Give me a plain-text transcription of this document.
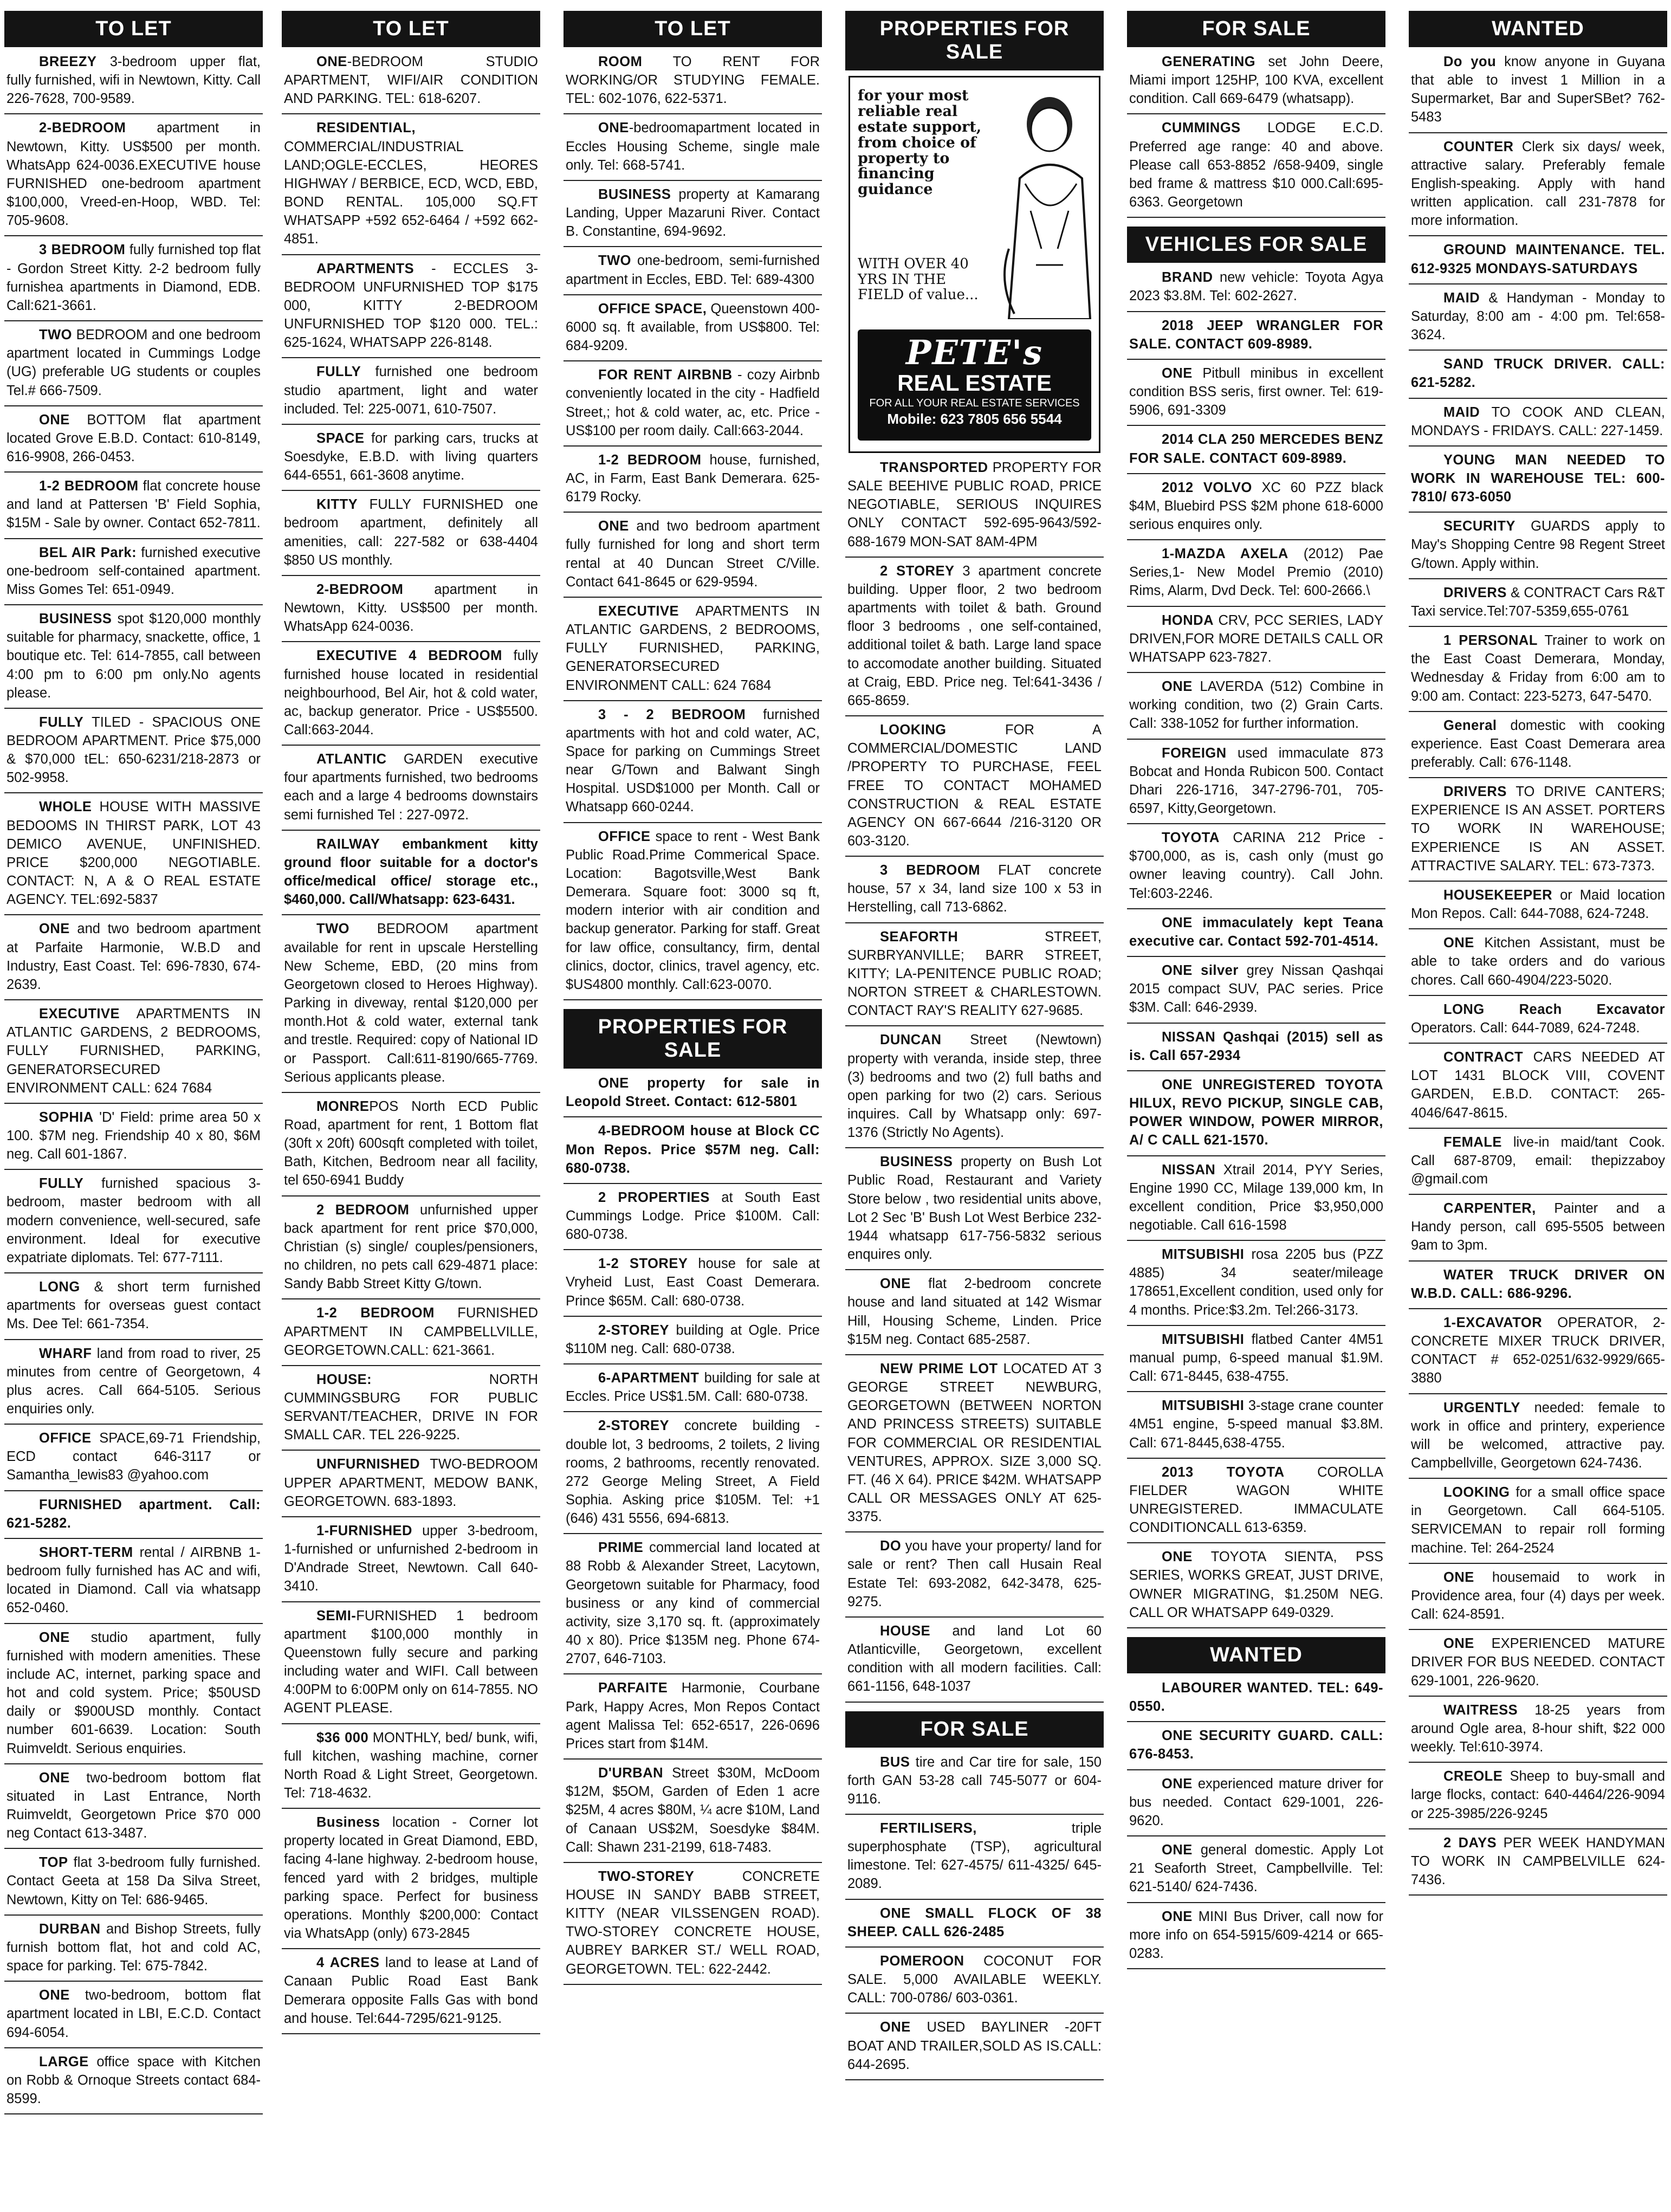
TO LET
BREEZY 3-bedroom upper flat, fully furnished, wifi in Newtown, Kitty. Call 226-7628, 700-9589.
2-BEDROOM apartment in Newtown, Kitty. US$500 per month. WhatsApp 624-0036.EXECUTIVE house FURNISHED one-bedroom apartment $100,000, Vreed-en-Hoop, WBD. Tel: 705-9608.
3 BEDROOM fully furnished top flat - Gordon Street Kitty. 2-2 bedroom fully furnishea apartments in Diamond, EDB. Call:621-3661.
TWO BEDROOM and one bedroom apartment located in Cummings Lodge (UG) preferable UG students or couples Tel.# 666-7509.
ONE BOTTOM flat apartment located Grove E.B.D. Contact: 610-8149, 616-9908, 266-0453.
1-2 BEDROOM flat concrete house and land at Pattersen 'B' Field Sophia, $15M - Sale by owner. Contact 652-7811.
BEL AIR Park: furnished executive one-bedroom self-contained apartment. Miss Gomes Tel: 651-0949.
BUSINESS spot $120,000 monthly suitable for pharmacy, snackette, office, 1 boutique etc. Tel: 614-7855, call between 4:00 pm to 6:00 pm only.No agents please.
FULLY TILED - SPACIOUS ONE BEDROOM APARTMENT. Price $75,000 & $70,000 tEL: 650-6231/218-2873 or 502-9958.
WHOLE HOUSE WITH MASSIVE BEDOOMS IN THIRST PARK, LOT 43 DEMICO AVENUE, UNFINISHED. PRICE $200,000 NEGOTIABLE. CONTACT: N, A & O REAL ESTATE AGENCY. TEL:692-5837
ONE and two bedroom apartment at Parfaite Harmonie, W.B.D and Industry, East Coast. Tel: 696-7830, 674-2639.
EXECUTIVE APARTMENTS IN ATLANTIC GARDENS, 2 BEDROOMS, FULLY FURNISHED, PARKING, GENERATORSECURED ENVIRONMENT CALL: 624 7684
SOPHIA 'D' Field: prime area 50 x 100. $7M neg. Friendship 40 x 80, $6M neg. Call 601-1867.
FULLY furnished spacious 3-bedroom, master bedroom with all modern convenience, well-secured, safe environment. Ideal for executive expatriate diplomats. Tel: 677-7111.
LONG & short term furnished apartments for overseas guest contact Ms. Dee Tel: 661-7354.
WHARF land from road to river, 25 minutes from centre of Georgetown, 4 plus acres. Call 664-5105. Serious enquiries only.
OFFICE SPACE,69-71 Friendship, ECD contact 646-3117 or Samantha_lewis83 @yahoo.com
FURNISHED apartment. Call: 621-5282.
SHORT-TERM rental / AIRBNB 1-bedroom fully furnished has AC and wifi, located in Diamond. Call via whatsapp 652-0460.
ONE studio apartment, fully furnished with modern amenities. These include AC, internet, parking space and hot and cold system. Price; $50USD daily or $900USD monthly. Contact number 601-6639. Location: South Ruimveldt. Serious enquiries.
ONE two-bedroom bottom flat situated in Last Entrance, North Ruimveldt, Georgetown Price $70 000 neg Contact 613-3487.
TOP flat 3-bedroom fully furnished. Contact Geeta at 158 Da Silva Street, Newtown, Kitty on Tel: 686-9465.
DURBAN and Bishop Streets, fully furnish bottom flat, hot and cold AC, space for parking. Tel: 675-7842.
ONE two-bedroom, bottom flat apartment located in LBI, E.C.D. Contact 694-6054.
LARGE office space with Kitchen on Robb & Ornoque Streets contact 684-8599.
TO LET
ONE-BEDROOM STUDIO APARTMENT, WIFI/AIR CONDITION AND PARKING. TEL: 618-6207.
RESIDENTIAL, COMMERCIAL/INDUSTRIAL LAND;OGLE-ECCLES, HEORES HIGHWAY / BERBICE, ECD, WCD, EBD, BOND RENTAL. 105,000 SQ.FT WHATSAPP +592 652-6464 / +592 662-4851.
APARTMENTS - ECCLES 3-BEDROOM UNFURNISHED TOP $175 000, KITTY 2-BEDROOM UNFURNISHED TOP $120 000. TEL.: 625-1624, WHATSAPP 226-8148.
FULLY furnished one bedroom studio apartment, light and water included. Tel: 225-0071, 610-7507.
SPACE for parking cars, trucks at Soesdyke, E.B.D. with living quarters 644-6551, 661-3608 anytime.
KITTY FULLY FURNISHED one bedroom apartment, definitely all amenities, call: 227-582 or 638-4404 $850 US monthly.
2-BEDROOM apartment in Newtown, Kitty. US$500 per month. WhatsApp 624-0036.
EXECUTIVE 4 BEDROOM fully furnished house located in residential neighbourhood, Bel Air, hot & cold water, ac, backup generator. Price - US$5500. Call:663-2044.
ATLANTIC GARDEN executive four apartments furnished, two bedrooms each and a large 4 bedrooms downstairs semi furnished Tel : 227-0972.
RAILWAY embankment kitty ground floor suitable for a doctor's office/medical office/ storage etc., $460,000. Call/Whatsapp: 623-6431.
TWO BEDROOM apartment available for rent in upscale Herstelling New Scheme, EBD, (20 mins from Georgetown closed to Heroes Highway). Parking in diveway, rental $120,000 per month.Hot & cold water, external tank and trestle. Required: copy of National ID or Passport. Call:611-8190/665-7769. Serious applicants please.
MONREPOS North ECD Public Road, apartment for rent, 1 Bottom flat (30ft x 20ft) 600sqft completed with toilet, Bath, Kitchen, Bedroom near all facility, tel 650-6941 Buddy
2 BEDROOM unfurnished upper back apartment for rent price $70,000, Christian (s) single/ couples/pensioners, no children, no pets call 629-4871 place: Sandy Babb Street Kitty G/town.
1-2 BEDROOM FURNISHED APARTMENT IN CAMPBELLVILLE, GEORGETOWN.CALL: 621-3661.
HOUSE: NORTH CUMMINGSBURG FOR PUBLIC SERVANT/TEACHER, DRIVE IN FOR SMALL CAR. TEL 226-9225.
UNFURNISHED TWO-BEDROOM UPPER APARTMENT, MEDOW BANK, GEORGETOWN. 683-1893.
1-FURNISHED upper 3-bedroom, 1-furnished or unfurnished 2-bedroom in D'Andrade Street, Newtown. Call 640-3410.
SEMI-FURNISHED 1 bedroom apartment $100,000 monthly in Queenstown fully secure and parking including water and WIFI. Call between 4:00PM to 6:00PM only on 614-7855. NO AGENT PLEASE.
$36 000 MONTHLY, bed/ bunk, wifi, full kitchen, washing machine, corner North Road & Light Street, Georgetown. Tel: 718-4632.
Business location - Corner lot property located in Great Diamond, EBD, facing 4-lane highway. 2-bedroom house, fenced yard with 2 bridges, multiple parking space. Perfect for business operations. Monthly $200,000: Contact via WhatsApp (only) 673-2845
4 ACRES land to lease at Land of Canaan Public Road East Bank Demerara opposite Falls Gas with bond and house. Tel:644-7295/621-9125.
TO LET
ROOM TO RENT FOR WORKING/OR STUDYING FEMALE. TEL: 602-1076, 622-5371.
ONE-bedroomapartment located in Eccles Housing Scheme, single male only. Tel: 668-5741.
BUSINESS property at Kamarang Landing, Upper Mazaruni River. Contact B. Constantine, 694-9692.
TWO one-bedroom, semi-furnished apartment in Eccles, EBD. Tel: 689-4300
OFFICE SPACE, Queenstown 400-6000 sq. ft available, from US$800. Tel: 684-9209.
FOR RENT AIRBNB - cozy Airbnb conveniently located in the city - Hadfield Street,; hot & cold water, ac, etc. Price - US$100 per room daily. Call:663-2044.
1-2 BEDROOM house, furnished, AC, in Farm, East Bank Demerara. 625-6179 Rocky.
ONE and two bedroom apartment fully furnished for long and short term rental at 40 Duncan Street C/Ville. Contact 641-8645 or 629-9594.
EXECUTIVE APARTMENTS IN ATLANTIC GARDENS, 2 BEDROOMS, FULLY FURNISHED, PARKING, GENERATORSECURED ENVIRONMENT CALL: 624 7684
3 - 2 BEDROOM furnished apartments with hot and cold water, AC, Space for parking on Cummings Street near G/Town and Balwant Singh Hospital. USD$1000 per Month. Call or Whatsapp 660-0244.
OFFICE space to rent - West Bank Public Road.Prime Commerical Space. Location: Bagotsville,West Bank Demerara. Square foot: 3000 sq ft, modern interior with air condition and backup generator. Parking for staff. Great for law office, consultancy, firm, dental clinics, doctor, clinics, travel agency, etc. $US4800 monthly. Call:623-0070.
PROPERTIES FOR SALE
ONE property for sale in Leopold Street. Contact: 612-5801
4-BEDROOM house at Block CC Mon Repos. Price $57M neg. Call: 680-0738.
2 PROPERTIES at South East Cummings Lodge. Price $100M. Call: 680-0738.
1-2 STOREY house for sale at Vryheid Lust, East Coast Demerara. Prince $65M. Call: 680-0738.
2-STOREY building at Ogle. Price $110M neg. Call: 680-0738.
6-APARTMENT building for sale at Eccles. Price US$1.5M. Call: 680-0738.
2-STOREY concrete building - double lot, 3 bedrooms, 2 toilets, 2 living rooms, 2 bathrooms, recently renovated. 272 George Meling Street, A Field Sophia. Asking price $105M. Tel: +1 (646) 431 5556, 694-6813.
PRIME commercial land located at 88 Robb & Alexander Street, Lacytown, Georgetown suitable for Pharmacy, food business or any kind of commercial activity, size 3,170 sq. ft. (approximately 40 x 80). Price $135M neg. Phone 674-2707, 646-7103.
PARFAITE Harmonie, Courbane Park, Happy Acres, Mon Repos Contact agent Malissa Tel: 652-6517, 226-0696 Prices start from $14M.
D'URBAN Street $30M, McDoom $12M, $5OM, Garden of Eden 1 acre $25M, 4 acres $80M, ¼ acre $10M, Land of Canaan US$2M, Soesdyke $84M. Call: Shawn 231-2199, 618-7483.
TWO-STOREY CONCRETE HOUSE IN SANDY BABB STREET, KITTY (NEAR VILSSENGEN ROAD). TWO-STOREY CONCRETE HOUSE, AUBREY BARKER ST./ WELL ROAD, GEORGETOWN. TEL: 622-2442.
PROPERTIES FOR SALE
for your most reliable real estate support, from choice of property to financing guidance
WITH OVER 40 YRS IN THE FIELD of value...
PETE's
REAL ESTATE
FOR ALL YOUR REAL ESTATE SERVICES
Mobile: 623 7805 656 5544
TRANSPORTED PROPERTY FOR SALE BEEHIVE PUBLIC ROAD, PRICE NEGOTIABLE, SERIOUS INQUIRES ONLY CONTACT 592-695-9643/592-688-1679 MON-SAT 8AM-4PM
2 STOREY 3 apartment concrete building. Upper floor, 2 two bedroom apartments with toilet & bath. Ground floor 3 bedrooms , one self-contained, additional toilet & bath. Large land space to accomodate another building. Situated at Craig, EBD. Price neg. Tel:641-3436 / 665-8659.
LOOKING FOR A COMMERCIAL/DOMESTIC LAND /PROPERTY TO PURCHASE, FEEL FREE TO CONTACT MOHAMED CONSTRUCTION & REAL ESTATE AGENCY ON 667-6644 /216-3120 OR 603-3120.
3 BEDROOM FLAT concrete house, 57 x 34, land size 100 x 53 in Herstelling, call 713-6862.
SEAFORTH STREET, SURBRYANVILLE; BARR STREET, KITTY; LA-PENITENCE PUBLIC ROAD; NORTON STREET & CHARLESTOWN. CONTACT RAY'S REALITY 627-9685.
DUNCAN Street (Newtown) property with veranda, inside step, three (3) bedrooms and two (2) full baths and open parking for two (2) cars. Serious inquires. Call by Whatsapp only: 697-1376 (Strictly No Agents).
BUSINESS property on Bush Lot Public Road, Restaurant and Variety Store below , two residential units above, Lot 2 Sec 'B' Bush Lot West Berbice 232-1944 whatsapp 617-756-5832 serious enquires only.
ONE flat 2-bedroom concrete house and land situated at 142 Wismar Hill, Housing Scheme, Linden. Price $15M neg. Contact 685-2587.
NEW PRIME LOT LOCATED AT 3 GEORGE STREET NEWBURG, GEORGETOWN (BETWEEN NORTON AND PRINCESS STREETS) SUITABLE FOR COMMERCIAL OR RESIDENTIAL VENTURES, APPROX. SIZE 3,000 SQ. FT. (46 X 64). PRICE $42M. WHATSAPP CALL OR MESSAGES ONLY AT 625-3375.
DO you have your property/ land for sale or rent? Then call Husain Real Estate Tel: 693-2082, 642-3478, 625-9275.
HOUSE and land Lot 60 Atlanticville, Georgetown, excellent condition with all modern facilities. Call: 661-1156, 648-1037
FOR SALE
BUS tire and Car tire for sale, 150 forth GAN 53-28 call 745-5077 or 604-9116.
FERTILISERS, triple superphosphate (TSP), agricultural limestone. Tel: 627-4575/ 611-4325/ 645-2089.
ONE SMALL FLOCK OF 38 SHEEP. CALL 626-2485
POMEROON COCONUT FOR SALE. 5,000 AVAILABLE WEEKLY. CALL: 700-0786/ 603-0361.
ONE USED BAYLINER -20FT BOAT AND TRAILER,SOLD AS IS.CALL: 644-2695.
FOR SALE
GENERATING set John Deere, Miami import 125HP, 100 KVA, excellent condition. Call 669-6479 (whatsapp).
CUMMINGS LODGE E.C.D. Preferred age range: 40 and above. Please call 653-8852 /658-9409, single bed frame & mattress $10 000.Call:695-6363. Georgetown
VEHICLES FOR SALE
BRAND new vehicle: Toyota Agya 2023 $3.8M. Tel: 602-2627.
2018 JEEP WRANGLER FOR SALE. CONTACT 609-8989.
ONE Pitbull minibus in excellent condition BSS seris, first owner. Tel: 619-5906, 691-3309
2014 CLA 250 MERCEDES BENZ FOR SALE. CONTACT 609-8989.
2012 VOLVO XC 60 PZZ black $4M, Bluebird PSS $2M phone 618-6000 serious enquires only.
1-MAZDA AXELA (2012) Pae Series,1- New Model Premio (2010) Rims, Alarm, Dvd Deck. Tel: 600-2666.\
HONDA CRV, PCC SERIES, LADY DRIVEN,FOR MORE DETAILS CALL OR WHATSAPP 623-7827.
ONE LAVERDA (512) Combine in working condition, two (2) Grain Carts. Call: 338-1052 for further information.
FOREIGN used immaculate 873 Bobcat and Honda Rubicon 500. Contact Dhari 226-1716, 347-2796-701, 705-6597, Kitty,Georgetown.
TOYOTA CARINA 212 Price - $700,000, as is, cash only (must go owner leaving country). Call John. Tel:603-2246.
ONE immaculately kept Teana executive car. Contact 592-701-4514.
ONE silver grey Nissan Qashqai 2015 compact SUV, PAC series. Price $3M. Call: 646-2939.
NISSAN Qashqai (2015) sell as is. Call 657-2934
ONE UNREGISTERED TOYOTA HILUX, REVO PICKUP, SINGLE CAB, POWER WINDOW, POWER MIRROR, A/ C CALL 621-1570.
NISSAN Xtrail 2014, PYY Series, Engine 1990 CC, Milage 139,000 km, In excellent condition, Price $3,950,000 negotiable. Call 616-1598
MITSUBISHI rosa 2205 bus (PZZ 4885) 34 seater/mileage 178651,Excellent condition, used only for 4 months. Price:$3.2m. Tel:266-3173.
MITSUBISHI flatbed Canter 4M51 manual pump, 6-speed manual $1.9M. Call: 671-8445, 638-4755.
MITSUBISHI 3-stage crane counter 4M51 engine, 5-speed manual $3.8M. Call: 671-8445,638-4755.
2013 TOYOTA COROLLA FIELDER WAGON WHITE UNREGISTERED. IMMACULATE CONDITIONCALL 613-6359.
ONE TOYOTA SIENTA, PSS SERIES, WORKS GREAT, JUST DRIVE, OWNER MIGRATING, $1.250M NEG. CALL OR WHATSAPP 649-0329.
WANTED
LABOURER WANTED. TEL: 649-0550.
ONE SECURITY GUARD. CALL: 676-8453.
ONE experienced mature driver for bus needed. Contact 629-1001, 226-9620.
ONE general domestic. Apply Lot 21 Seaforth Street, Campbellville. Tel: 621-5140/ 624-7436.
ONE MINI Bus Driver, call now for more info on 654-5915/609-4214 or 665-0283.
WANTED
Do you know anyone in Guyana that able to invest 1 Million in a Supermarket, Bar and SuperSBet? 762-5483
COUNTER Clerk six days/ week, attractive salary. Preferably female English-speaking. Apply with hand written application. call 231-7878 for more information.
GROUND MAINTENANCE. TEL. 612-9325 MONDAYS-SATURDAYS
MAID & Handyman - Monday to Saturday, 8:00 am - 4:00 pm. Tel:658-3624.
SAND TRUCK DRIVER. CALL: 621-5282.
MAID TO COOK AND CLEAN, MONDAYS - FRIDAYS. CALL: 227-1459.
YOUNG MAN NEEDED TO WORK IN WAREHOUSE TEL: 600-7810/ 673-6050
SECURITY GUARDS apply to May's Shopping Centre 98 Regent Street G/town. Apply within.
DRIVERS & CONTRACT Cars R&T Taxi service.Tel:707-5359,655-0761
1 PERSONAL Trainer to work on the East Coast Demerara, Monday, Wednesday & Friday from 6:00 am to 9:00 am. Contact: 223-5273, 647-5470.
General domestic with cooking experience. East Coast Demerara area preferably. Call: 676-1148.
DRIVERS TO DRIVE CANTERS; EXPERIENCE IS AN ASSET. PORTERS TO WORK IN WAREHOUSE; EXPERIENCE IS AN ASSET. ATTRACTIVE SALARY. TEL: 673-7373.
HOUSEKEEPER or Maid location Mon Repos. Call: 644-7088, 624-7248.
ONE Kitchen Assistant, must be able to take orders and do various chores. Call 660-4904/223-5020.
LONG Reach Excavator Operators. Call: 644-7089, 624-7248.
CONTRACT CARS NEEDED AT LOT 1431 BLOCK VIII, COVENT GARDEN, E.B.D. CONTACT: 265-4046/647-8615.
FEMALE live-in maid/tant Cook. Call 687-8709, email: thepizzaboy @gmail.com
CARPENTER, Painter and a Handy person, call 695-5505 between 9am to 3pm.
WATER TRUCK DRIVER ON W.B.D. CALL: 686-9296.
1-EXCAVATOR OPERATOR, 2- CONCRETE MIXER TRUCK DRIVER, CONTACT # 652-0251/632-9929/665-3880
URGENTLY needed: female to work in office and printery, experience will be welcomed, attractive pay. Campbellville, Georgetown 624-7436.
LOOKING for a small office space in Georgetown. Call 664-5105. SERVICEMAN to repair roll forming machine. Tel: 264-2524
ONE housemaid to work in Providence area, four (4) days per week. Call: 624-8591.
ONE EXPERIENCED MATURE DRIVER FOR BUS NEEDED. CONTACT 629-1001, 226-9620.
WAITRESS 18-25 years from around Ogle area, 8-hour shift, $22 000 weekly. Tel:610-3974.
CREOLE Sheep to buy-small and large flocks, contact: 640-4464/226-9094 or 225-3985/226-9245
2 DAYS PER WEEK HANDYMAN TO WORK IN CAMPBELVILLE 624-7436.
